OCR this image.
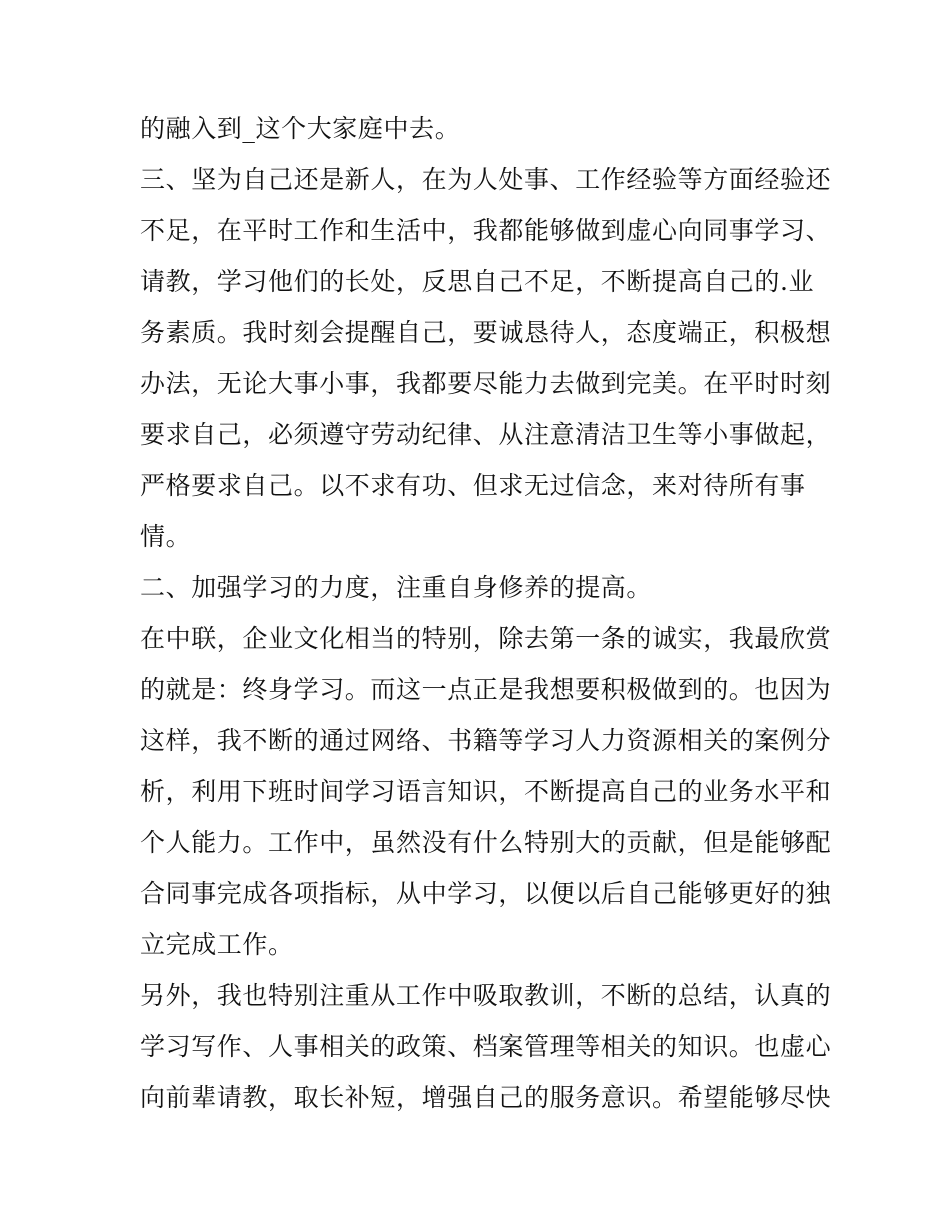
的融入到_这个大家庭中去。
三、坚为自己还是新人，在为人处事、工作经验等方面经验还
不足，在平时工作和生活中，我都能够做到虚心向同事学习、
请教，学习他们的长处，反思自己不足，不断提高自己的.业
务素质。我时刻会提醒自己，要诚恳待人，态度端正，积极想
办法，无论大事小事，我都要尽能力去做到完美。在平时时刻
要求自己，必须遵守劳动纪律、从注意清洁卫生等小事做起，
严格要求自己。以不求有功、但求无过信念，来对待所有事
情。
二、加强学习的力度，注重自身修养的提高。
在中联，企业文化相当的特别，除去第一条的诚实，我最欣赏
的就是：终身学习。而这一点正是我想要积极做到的。也因为
这样，我不断的通过网络、书籍等学习人力资源相关的案例分
析，利用下班时间学习语言知识，不断提高自己的业务水平和
个人能力。工作中，虽然没有什么特别大的贡献，但是能够配
合同事完成各项指标，从中学习，以便以后自己能够更好的独
立完成工作。
另外，我也特别注重从工作中吸取教训，不断的总结，认真的
学习写作、人事相关的政策、档案管理等相关的知识。也虚心
向前辈请教，取长补短，增强自己的服务意识。希望能够尽快
